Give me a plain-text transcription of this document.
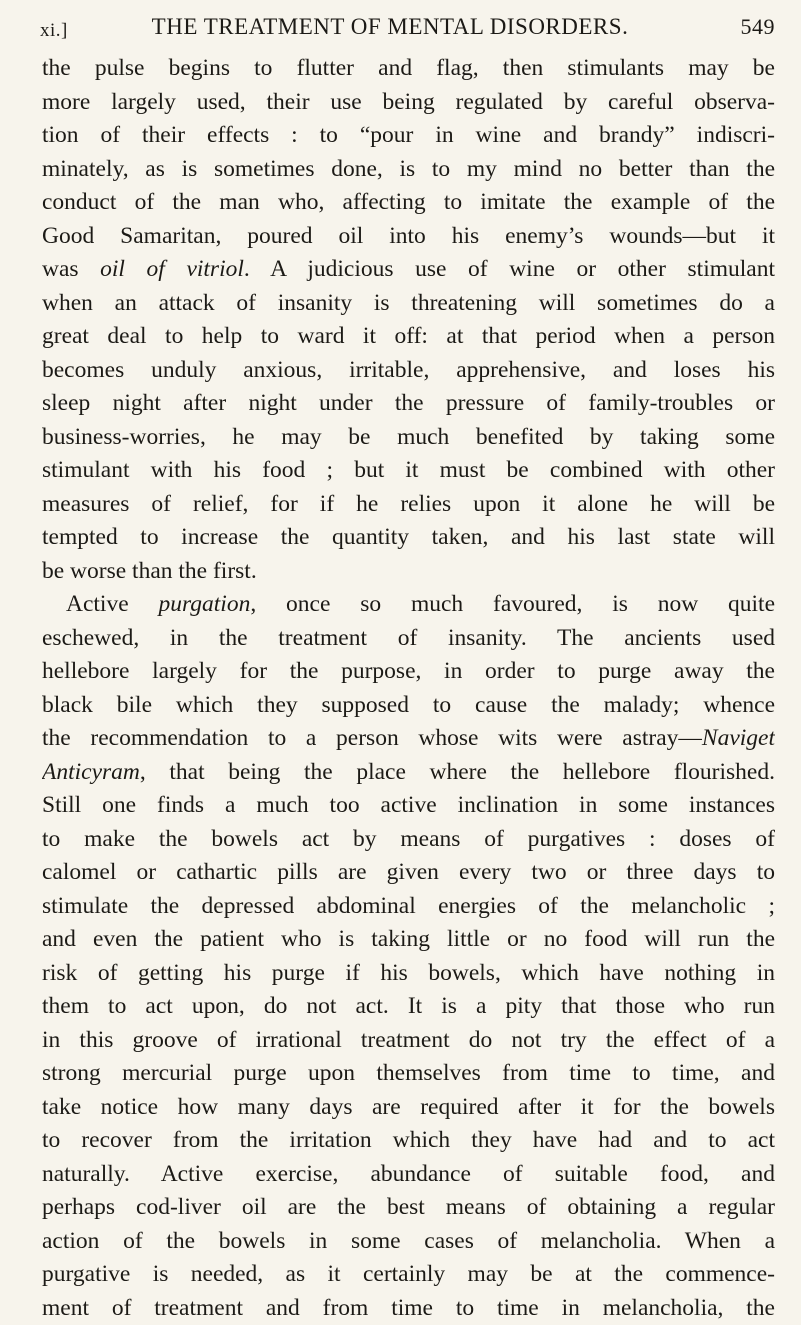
xi.]	THE TREATMENT OF MENTAL DISORDERS.	549
the pulse begins to flutter and flag, then stimulants may be
more largely used, their use being regulated by careful observa-
tion of their effects : to “pour in wine and brandy” indiscri-
minately, as is sometimes done, is to my mind no better than the
conduct of the man who, affecting to imitate the example of the
Good Samaritan, poured oil into his enemy’s wounds—but it
was oil of vitriol. A judicious use of wine or other stimulant
when an attack of insanity is threatening will sometimes do a
great deal to help to ward it off: at that period when a person
becomes unduly anxious, irritable, apprehensive, and loses his
sleep night after night under the pressure of family-troubles or
business-worries, he may be much benefited by taking some
stimulant with his food ; but it must be combined with other
measures of relief, for if he relies upon it alone he will be
tempted to increase the quantity taken, and his last state will
be worse than the first.
Active purgation, once so much favoured, is now quite
eschewed, in the treatment of insanity. The ancients used
hellebore largely for the purpose, in order to purge away the
black bile which they supposed to cause the malady; whence
the recommendation to a person whose wits were astray—Naviget
Anticyram, that being the place where the hellebore flourished.
Still one finds a much too active inclination in some instances
to make the bowels act by means of purgatives : doses of
calomel or cathartic pills are given every two or three days to
stimulate the depressed abdominal energies of the melancholic ;
and even the patient who is taking little or no food will run the
risk of getting his purge if his bowels, which have nothing in
them to act upon, do not act. It is a pity that those who run
in this groove of irrational treatment do not try the effect of a
strong mercurial purge upon themselves from time to time, and
take notice how many days are required after it for the bowels
to recover from the irritation which they have had and to act
naturally. Active exercise, abundance of suitable food, and
perhaps cod-liver oil are the best means of obtaining a regular
action of the bowels in some cases of melancholia. When a
purgative is needed, as it certainly may be at the commence-
ment of treatment and from time to time in melancholia, the
